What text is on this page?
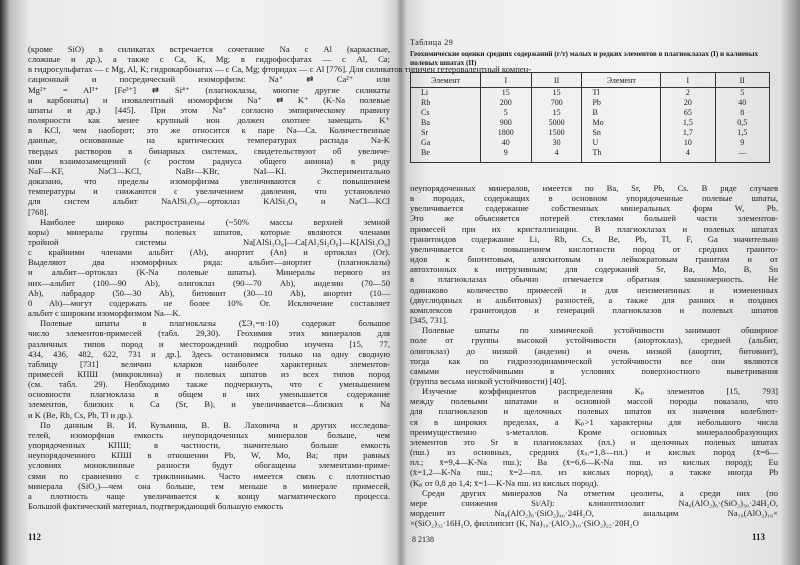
(кроме SiO) в силикатах встречается сочетание Na с Al (каркасные,
сложные и др.), а также с Ca, K, Mg; в гидрофосфатах — с Al, Ca;
в гидросульфатах — с Mg, Al, K; гидрокарбонатах — с Ca, Mg; фторидах — с Al [776]. Для силикатов типичен гетеровалентный компен-
сационный и посредический изоморфизм: Na⁺ ⇄ Ca²⁺ или
Mg²⁺ = Al³⁺ [Fe³⁺] ⇄ Si⁴⁺ (плагиоклазы, многие другие силикаты
и карбонаты) и изовалентный изоморфизм Na⁺ ⇄ K⁺ (K-Na полевые
шпаты и др.) [445]. При этом Na⁺ согласно эмпирическому правилу
полярности как менее крупный ион должен охотнее замещать K⁺
в KCl, чем наоборот; это же относится к паре Na—Ca. Количественные
данные, основанные на критических температурах распада Na-K
твердых растворов в бинарных системах, свидетельствуют об увеличе-
нии взаимозамещений (с ростом радиуса общего аниона) в ряду
NaF—KF, NaCl—KCl, NaBr—KBr, NaI—KI. Экспериментально
доказано, что пределы изоморфизма увеличиваются с повышением
температуры и снижаются с увеличением давления, что установлено
для систем альбит NaAlSi₃O₈—ортоклаз KAlSi₃O₈ и NaCl—KCl
[768].
Наиболее широко распространены (~50% массы верхней земной
коры) минералы группы полевых шпатов, которые являются членами
тройной системы Na[AlSi₃O₈]—Ca[Al₂Si₂O₈]—K[AlSi₃O₈]
с крайними членами альбит (Ab), анортит (An) и ортоклаз (Or).
Выделяют два изоморфных ряда: альбит—анортит (плагиоклазы)
и альбит—ортоклаз (K-Na полевые шпаты). Минералы первого из
них—альбит (100—90 Ab), олигоклаз (90—70 Ab), андезин (70—50
Ab), лабрадор (50—30 Ab), битовнит (30—10 Ab), анортит (10—
0 Ab)—могут содержать не более 10% Or. Исключение составляет
альбит с широким изоморфизмом Na—K.
Полевые шпаты в плагиоклазы (ΣЭ₁=n·10) содержат большое
число элементов-примесей (табл. 29,30). Геохимия этих минералов для
различных типов пород и месторождений подробно изучена [15, 77,
434, 436, 482, 622, 731 и др.]. Здесь остановимся только на одну сводную
таблицу [731] величин кларков наиболее характерных элементов-
примесей КПШ (микроклина) и полевых шпатов из всех типов пород
(см. табл. 29). Необходимо также подчеркнуть, что с уменьшением
основности плагиоклаза в общем в них уменьшается содержание
элементов, близких к Ca (Sr, B), и увеличивается—близких к Na
и K (Be, Rb, Cs, Pb, Tl и др.).
По данным В. И. Кузьмина, В. В. Лаховича и других исследова-
телей, изоморфная емкость неупорядоченных минералов больше, чем
упорядоченных КПШ; в частности, значительно больше емкость
неупорядоченного КПШ в отношении Pb, W, Mo, Ba; при равных
условиях моноклинные разности будут обогащены элементами-приме-
сями по сравнению с триклинными. Часто имеется связь с плотностью
минерала (SiO₂)—чем она больше, тем меньше в минерале примесей,
а плотность чаще увеличивается к концу магматического процесса.
Большой фактический материал, подтверждающий большую емкость
112
Таблица 29
Геохимические оценки средних содержаний (г/т) малых и редких элементов в плагиоклазах (I) и калиевых полевых шпатах (II)
Элемент	I	II	Элемент	I	II
Li	15	15	Tl	2	5
Rb	200	700	Pb	20	40
Cs	5	15	B	65	8
Ba	900	5000	Mo	1,5	0,5
Sr	1800	1500	Sn	1,7	1,5
Ga	40	30	U	10	9
Be	9	4	Th	4	—
неупорядоченных минералов, имеется по Ba, Sr, Pb, Cs. В ряде случаев
в породах, содержащих в основном упорядоченные полевые шпаты,
увеличивается содержание собственных минеральных форм W, Pb.
Это же объясняется потерей стеклами большей части элементов-
примесей при их кристаллизации. В плагиоклазах и полевых шпатах
гранитоидов содержание Li, Rb, Cs, Be, Pb, Tl, F, Ga значительно
увеличивается с повышением кислотности пород от средних гранито-
идов к биотитовым, аляскитовым и лейкократовым гранитам и от
автохтонных к интрузивным; для содержаний Sr, Ba, Mo, B, Sn
в плагиоклазах обычно отмечается обратная закономерность. Не
одинаково количество примесей и для неизмененных и измененных
(двуслюдяных и альбитовых) разностей, а также для ранних и поздних
комплексов гранитоидов и генераций плагиоклазов и полевых шпатов
[345, 731].
Полевые шпаты по химической устойчивости занимают обширное
поле от группы высокой устойчивости (анортоклаз), средней (альбит,
олигоклаз) до низкой (андезин) и очень низкой (анортит, битовнит),
тогда как по гидроэзодинамической устойчивости все они являются
самыми неустойчивыми в условиях поверхностного выветривания
(группа весьма низкой устойчивости) [40].
Изучение коэффициентов распределения Kₚ элементов [15, 793]
между полевыми шпатами и основной массой породы показало, что
для плагиоклазов и щелочных полевых шпатов их значения колеблют-
ся в широких пределах, а Kₚ>1 характерны для небольшого числа
преимущественно s-металлов. Кроме основных минералообразующих
элементов это Sr в плагиоклазах (пл.) и щелочных полевых шпатах
(пш.) из основных, средних (x̄ₛᵣ=1,8—пл.) и кислых пород (x̄=6—
пл.; x̄=9,4—K-Na пш.); Ba (x̄=6,6—K-Na пш. из кислых пород); Eu
(x̄=1,2—K-Na пш.; x̄=2—пл. из кислых пород), а также иногда Pb
(Kₚ от 0,8 до 1,4; x̄=1—K-Na пш. из кислых пород).
Среди других минералов Na отметим цеолиты, а среди них (по
мере снижения Si/Al): клиноптилолит Na₆(AlO₂)₆·(SiO₂)₃₀·24H₂O,
морденит Na₈(AlO₂)₈·(SiO₂)₄₀·24H₂O, анальцим Na₁₆(AlO₂)₁₆×
×(SiO₂)₃₂·16H₂O, филлипсит (K, Na)₁₀·(AlO₂)₁₀·(SiO₂)₂₂·20H₂O
8 2138	113
